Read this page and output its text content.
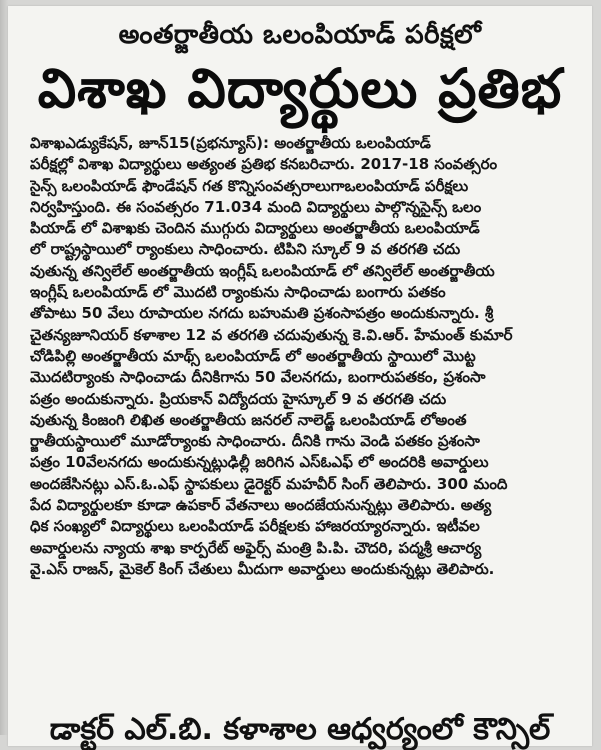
అంతర్జాతీయ ఒలంపియాడ్ పరీక్షలో
విశాఖ విద్యార్థులు ప్రతిభ
విశాఖఎడ్యుకేషన్, జూన్15(ప్రభన్యూస్): అంతర్జాతీయ ఒలంపియాడ్
పరీక్షల్లో విశాఖ విద్యార్థులు అత్యంత ప్రతిభ కనబరిచారు. 2017-18 సంవత్సరం
సైన్స్ ఒలంపియాడ్ ఫౌండేషన్ గత కొన్నిసంవత్సరాలుగాఒలంపియాడ్ పరీక్షలు
నిర్వహిస్తుంది. ఈ సంవత్సరం 71.034 మంది విద్యార్థులు పాల్గొన్నసైన్స్ ఒలం
పియాడ్ లో విశాఖకు చెందిన ముగ్గురు విద్యార్థులు అంతర్జాతీయ ఒలంపియాడ్
లో రాష్ట్రస్థాయిలో ర్యాంకులు సాధించారు. టిపిని స్కూల్ 9 వ తరగతి చదు
వుతున్న తన్విలేల్ అంతర్జాతీయ ఇంగ్లీష్ ఒలంపియాడ్ లో తన్విలేల్ అంతర్జాతీయ
ఇంగ్లీష్ ఒలంపియాడ్ లో మొదటి ర్యాంకును సాధించాడు బంగారు పతకం
తోపాటు 50 వేలు రూపాయల నగదు బహుమతి ప్రశంసాపత్రం అందుకున్నారు. శ్రీ
చైతన్యజూనియర్ కళాశాల 12 వ తరగతి చదువుతున్న కె.వి.ఆర్. హేమంత్ కుమార్
చోడిపిల్లి అంతర్జాతీయ మాథ్స్ ఒలంపియాడ్ లో అంతర్జాతీయ స్థాయిలో మొట్ట
మొదటిర్యాంకు సాధించాడు దీనికిగాను 50 వేలనగదు, బంగారుపతకం, ప్రశంసా
పత్రం అందుకున్నారు. ప్రియకాన్ విద్యోదయ హైస్కూల్ 9 వ తరగతి చదు
వుతున్న కింజంగి లిఖిత అంతర్జాతీయ జనరల్ నాలెడ్జ్ ఒలంపియాడ్ లోఅంత
ర్జాతీయస్థాయిలో మూడోర్యాంకు సాధించారు. దీనికి గాను వెండి పతకం ప్రశంసా
పత్రం 10వేలనగదు అందుకున్నట్లుఢిల్లీ జరిగిన ఎస్ఓఎఫ్ లో అందరికి అవార్డులు
అందజేసినట్లు ఎస్.ఓ.ఎఫ్ స్థాపకులు డైరెక్టర్ మహవీర్ సింగ్ తెలిపారు. 300 మంది
పేద విద్యార్థులకూ కూడా ఉపకార్ వేతనాలు అందజేయనున్నట్లు తెలిపారు. అత్య
ధిక సంఖ్యలో విద్యార్థులు ఒలంపియాడ్ పరీక్షలకు హాజరయ్యారన్నారు. ఇటీవల
అవార్డులను న్యాయ శాఖ కార్పరేట్ అఫైర్స్ మంత్రి పి.పి. చౌదరి, పద్మశ్రీ ఆచార్య
వై.ఎస్ రాజన్, మైకెల్ కింగ్ చేతులు మీదుగా అవార్డులు అందుకున్నట్లు తెలిపారు.
డాక్టర్ ఎల్.బి. కళాశాల ఆధ్వర్యంలో కౌన్సిల్
